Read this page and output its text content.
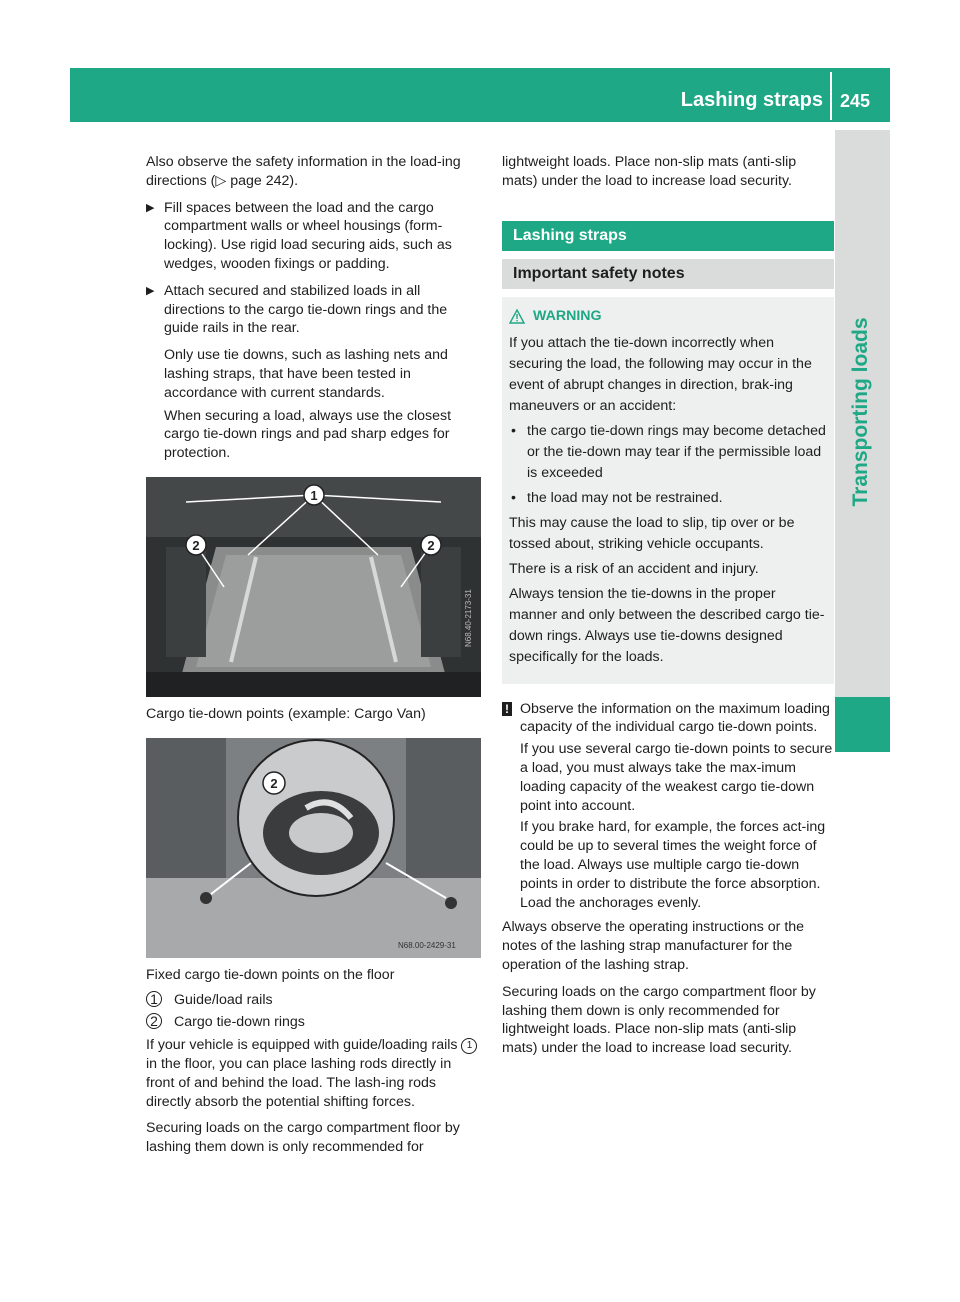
Lashing straps 245
Transporting loads

Also observe the safety information in the load-ing directions (▷ page 242).

▶ Fill spaces between the load and the cargo compartment walls or wheel housings (form-locking). Use rigid load securing aids, such as wedges, wooden fixings or padding.
▶ Attach secured and stabilized loads in all directions to the cargo tie-down rings and the guide rails in the rear.
Only use tie downs, such as lashing nets and lashing straps, that have been tested in accordance with current standards.
When securing a load, always use the closest cargo tie-down rings and pad sharp edges for protection.
1
2	2
N68.40-2173-31

Cargo tie-down points (example: Cargo Van)

2
N68.00-2429-31

Fixed cargo tie-down points on the floor

1 Guide/load rails
2 Cargo tie-down rings

If your vehicle is equipped with guide/loading rails 1 in the floor, you can place lashing rods directly in front of and behind the load. The lash-ing rods directly absorb the potential shifting forces.

Securing loads on the cargo compartment floor by lashing them down is only recommended for

lightweight loads. Place non-slip mats (anti-slip mats) under the load to increase load security.

Lashing straps
Important safety notes
WARNING

If you attach the tie-down incorrectly when securing the load, the following may occur in the event of abrupt changes in direction, brak-ing maneuvers or an accident:

• the cargo tie-down rings may become detached or the tie-down may tear if the permissible load is exceeded
• the load may not be restrained.

This may cause the load to slip, tip over or be tossed about, striking vehicle occupants.

There is a risk of an accident and injury.

Always tension the tie-downs in the proper manner and only between the described cargo tie-down rings. Always use tie-downs designed specifically for the loads.

! Observe the information on the maximum loading capacity of the individual cargo tie-down points.

If you use several cargo tie-down points to secure a load, you must always take the max-imum loading capacity of the weakest cargo tie-down point into account.

If you brake hard, for example, the forces act-ing could be up to several times the weight force of the load. Always use multiple cargo tie-down points in order to distribute the force absorption. Load the anchorages evenly.

Always observe the operating instructions or the notes of the lashing strap manufacturer for the operation of the lashing strap.

Securing loads on the cargo compartment floor by lashing them down is only recommended for lightweight loads. Place non-slip mats (anti-slip mats) under the load to increase load security.
